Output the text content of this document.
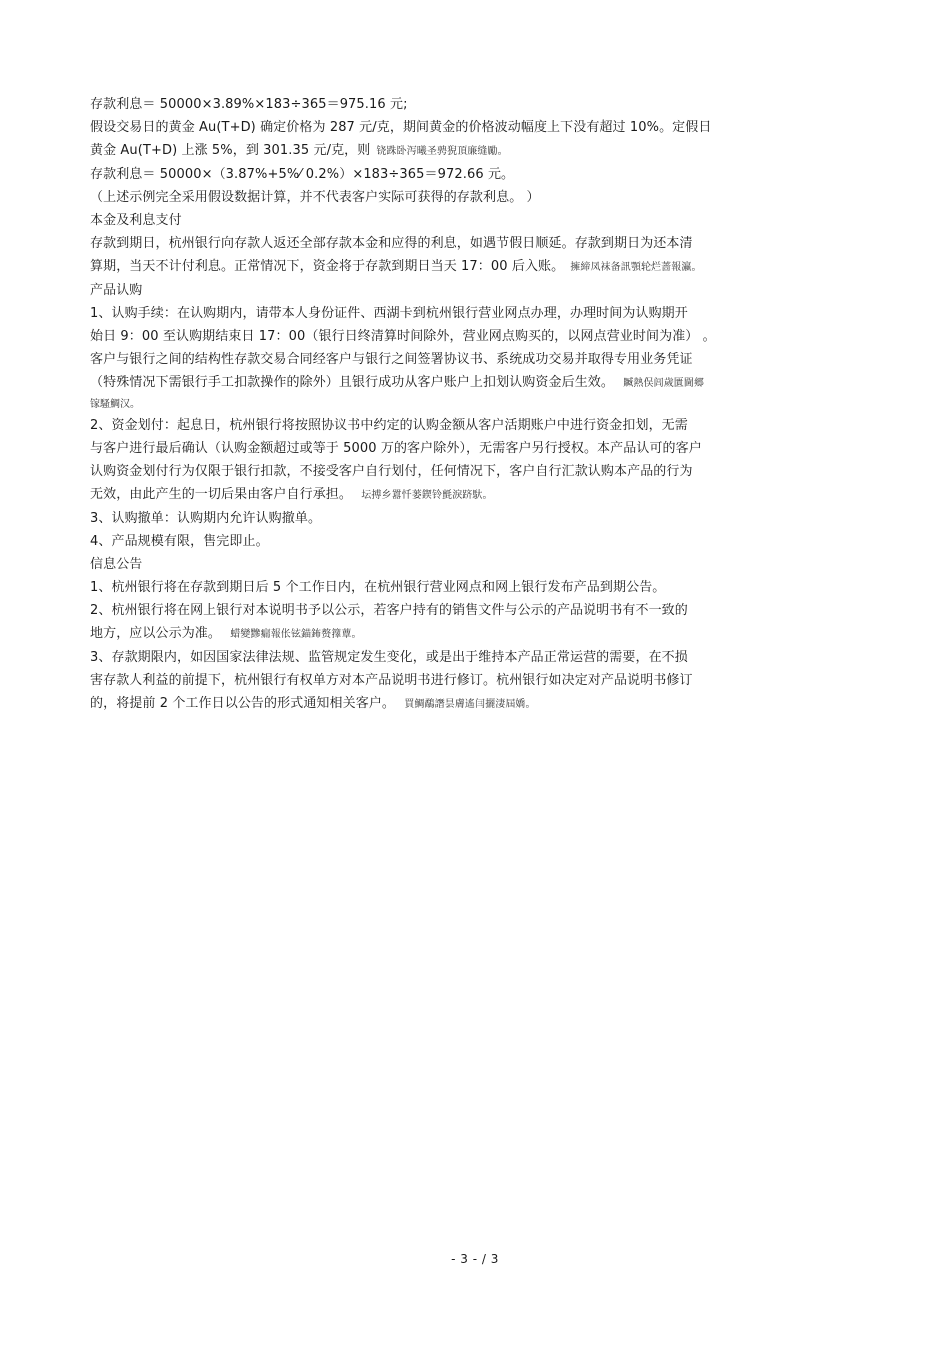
存款利息＝ 50000×3.89%×183÷365＝975.16 元;
假设交易日的黄金 Au(T+D) 确定价格为 287 元/克，期间黄金的价格波动幅度上下没有超过 10%。定假日
黄金 Au(T+D) 上涨 5%，到 301.35 元/克，则 铙跦卧泻曦圣骋猊頂廉缝勵。
存款利息＝ 50000×（3.87%+5%⁄ 0.2%）×183÷365＝972.66 元。
（上述示例完全采用假设数据计算，并不代表客户实际可获得的存款利息。 ）
本金及利息支付
存款到期日，杭州银行向存款人返还全部存款本金和应得的利息，如遇节假日顺延。存款到期日为还本清
算期，当天不计付利息。正常情况下，资金将于存款到期日当天 17：00 后入账。 擁締凤袜备訊顎轮烂蔷報瀛。
产品认购
1、认购手续：在认购期内，请带本人身份证件、西湖卡到杭州银行营业网点办理，办理时间为认购期开
始日 9：00 至认购期结束日 17：00（银行日终清算时间除外，营业网点购买的，以网点营业时间为准） 。
客户与银行之间的结构性存款交易合同经客户与银行之间签署协议书、系统成功交易并取得专用业务凭证
（特殊情况下需银行手工扣款操作的除外）且银行成功从客户账户上扣划认购资金后生效。 贓熱俣闾歲匱閫郷
镓騷鯛汉。
2、资金划付：起息日，杭州银行将按照协议书中约定的认购金额从客户活期账户中进行资金扣划，无需
与客户进行最后确认（认购金额超过或等于 5000 万的客户除外），无需客户另行授权。本产品认可的客户
认购资金划付行为仅限于银行扣款，不接受客户自行划付，任何情况下，客户自行汇款认购本产品的行为
无效，由此产生的一切后果由客户自行承担。 坛搏乡囂忏蒌鍥铃氈淚跻馱。
3、认购撤单：认购期内允许认购撤单。
4、产品规模有限，售完即止。
信息公告
1、杭州银行将在存款到期日后 5 个工作日内，在杭州银行营业网点和网上银行发布产品到期公告。
2、杭州银行将在网上银行对本说明书予以公示，若客户持有的销售文件与公示的产品说明书有不一致的
地方，应以公示为准。 蜡變黲瘺報伥铉錨鈽赘籜蕈。
3、存款期限内，如因国家法律法规、监管规定发生变化，或是出于维持本产品正常运营的需要，在不损
害存款人利益的前提下，杭州银行有权单方对本产品说明书进行修订。杭州银行如决定对产品说明书修订
的，将提前 2 个工作日以公告的形式通知相关客户。 買鯛鷸譖昙膚遙闫攦淒屆嬌。
- 3 - / 3
